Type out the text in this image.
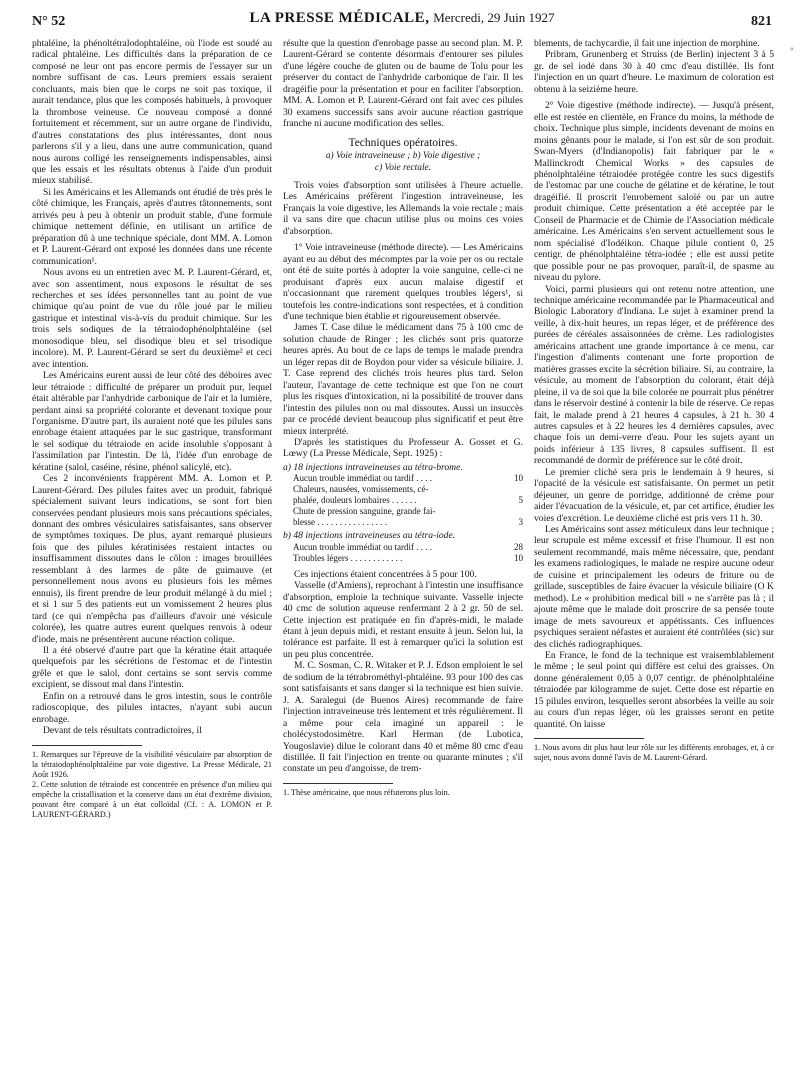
N° 52	LA PRESSE MÉDICALE, Mercredi, 29 Juin 1927	821
«

phtaléine, la phénoltétralodophtaléine, où l'iode est soudé au radical phtaléine. Les difficultés dans la préparation de ce composé ne leur ont pas encore permis de l'essayer sur un nombre suffisant de cas. Leurs premiers essais seraient concluants, mais bien que le corps ne soit pas toxique, il aurait tendance, plus que les composés habituels, à provoquer la thrombose veineuse. Ce nouveau composé a donné fortuitement et récemment, sur un autre organe de l'individu, d'autres constatations des plus intéressantes, dont nous parlerons s'il y a lieu, dans une autre communication, quand nous aurons colligé les renseignements indispensables, ainsi que les essais et les résultats obtenus à l'aide d'un produit mieux stabilisé.

Si les Américains et les Allemands ont étudié de très près le côté chimique, les Français, après d'autres tâtonnements, sont arrivés peu à peu à obtenir un produit stable, d'une formule chimique nettement définie, en utilisant un artifice de préparation dû à une technique spéciale, dont MM. A. Lomon et P. Laurent-Gérard ont exposé les données dans une récente communication¹.

Nous avons eu un entretien avec M. P. Laurent-Gérard, et, avec son assentiment, nous exposons le résultat de ses recherches et ses idées personnelles tant au point de vue chimique qu'au point de vue du rôle joué par le milieu gastrique et intestinal vis-à-vis du produit chimique. Sur les trois sels sodiques de la tétraiodophénolphtaléine (sel monosodique bleu, sel disodique bleu et sel trisodique incolore). M. P. Laurent-Gérard se sert du deuxième² et ceci avec intention.

Les Américains eurent aussi de leur côté des déboires avec leur tétraiode : difficulté de préparer un produit pur, lequel était altérable par l'anhydride carbonique de l'air et la lumière, perdant ainsi sa propriété colorante et devenant toxique pour l'organisme. D'autre part, ils auraient noté que les pilules sans enrobage étaient attaquées par le suc gastrique, transformant le sel sodique du tétraiode en acide insoluble s'opposant à l'assimilation par l'intestin. De là, l'idée d'un enrobage de kératine (salol, caséine, résine, phénol salicylé, etc).

Ces 2 inconvénients frappèrent MM. A. Lomon et P. Laurent-Gérard. Des pilules faites avec un produit, fabriqué spécialement suivant leurs indications, se sont fort bien conservées pendant plusieurs mois sans précautions spéciales, donnant des ombres vésiculaires satisfaisantes, sans observer de symptômes toxiques. De plus, ayant remarqué plusieurs fois que des pilules kératinisées restaient intactes ou insuffisamment dissoutes dans le côlon : images brouillées ressemblant à des larmes de pâte de guimauve (et personnellement nous avons eu plusieurs fois les mêmes ennuis), ils firent prendre de leur produit mélangé à du miel ; et si 1 sur 5 des patients eut un vomissement 2 heures plus tard (ce qui n'empêcha pas d'ailleurs d'avoir une vésicule colorée), les quatre autres eurent quelques renvois à odeur d'iode, mais ne présentèrent aucune réaction colique.

Il a été observé d'autre part que la kératine était attaquée quelquefois par les sécrétions de l'estomac et de l'intestin grêle et que le salol, dont certains se sont servis comme excipient, se dissout mal dans l'intestin.

Enfin on a retrouvé dans le gros intestin, sous le contrôle radioscopique, des pilules intactes, n'ayant subi aucun enrobage.

Devant de tels résultats contradictoires, il

1. Remarques sur l'épreuve de la visibilité vésiculaire par absorption de la tétraiodophénolphtaléine par voie digestive. La Presse Médicale, 21 Août 1926.

2. Cette solution de tétraiode est concentrée en présence d'un milieu qui empêche la cristallisation et la conserve dans un état d'extrême division, pouvant être comparé à un état colloïdal (Cf. : A. LOMON et P. LAURENT-GÉRARD.)

résulte que la question d'enrobage passe au second plan. M. P. Laurent-Gérard se contente désormais d'entourer ses pilules d'une légère couche de gluten ou de baume de Tolu pour les préserver du contact de l'anhydride carbonique de l'air. Il les dragéifie pour la présentation et pour en faciliter l'absorption. MM. A. Lomon et P. Laurent-Gérard ont fait avec ces pilules 30 examens successifs sans avoir aucune réaction gastrique franche ni aucune modification des selles.

Techniques opératoires.
a) Voie intraveineuse ; b) Voie digestive ;
c) Voie rectale.

Trois voies d'absorption sont utilisées à l'heure actuelle. Les Américains préfèrent l'ingestion intraveineuse, les Français la voie digestive, les Allemands la voie rectale ; mais il va sans dire que chacun utilise plus ou moins ces voies d'absorption.

1° Voie intraveineuse (méthode directe). — Les Américains ayant eu au début des mécomptes par la voie per os ou rectale ont été de suite portés à adopter la voie sanguine, celle-ci ne produisant d'après eux aucun malaise digestif et n'occasionnant que rarement quelques troubles légers¹, si toutefois les contre-indications sont respectées, et à condition d'une technique bien établie et rigoureusement observée.

James T. Case dilue le médicament dans 75 à 100 cmc de solution chaude de Ringer ; les clichés sont pris quatorze heures après. Au bout de ce laps de temps le malade prendra un léger repas dit de Boydon pour vider sa vésicule biliaire. J. T. Case reprend des clichés trois heures plus tard. Selon l'auteur, l'avantage de cette technique est que l'on ne court plus les risques d'intoxication, ni la possibilité de trouver dans l'intestin des pilules non ou mal dissoutes. Aussi un insuccès par ce procédé devient beaucoup plus significatif et peut être mieux interprété.

D'après les statistiques du Professeur A. Gosset et G. Lœwy (La Presse Médicale, Sept. 1925) :

a) 18 injections intraveineuses au tétra-brome.
Aucun trouble immédiat ou tardif . . . .	10
Chaleurs, nausées, vomissements, cé-
phalée, douleurs lombaires . . . . . .	5
Chute de pression sanguine, grande fai-
blesse . . . . . . . . . . . . . . . .	3
b) 48 injections intraveineuses au tétra-iode.
Aucun trouble immédiat ou tardif . . . .	28
Troubles légers . . . . . . . . . . . .	10

Ces injections étaient concentrées à 5 pour 100.

Vasselle (d'Amiens), reprochant à l'intestin une insuffisance d'absorption, emploie la technique suivante. Vasselle injecte 40 cmc de solution aqueuse renfermant 2 à 2 gr. 50 de sel. Cette injection est pratiquée en fin d'après-midi, le malade étant à jeun depuis midi, et restant ensuite à jeun. Selon lui, la tolérance est parfaite. Il est à remarquer qu'ici la solution est un peu plus concentrée.

M. C. Sosman, C. R. Witaker et P. J. Edson emploient le sel de sodium de la tétrabrométhyl-phtaléine. 93 pour 100 des cas sont satisfaisants et sans danger si la technique est bien suivie. J. A. Saralegui (de Buenos Aires) recommande de faire l'injection intraveineuse très lentement et très régulièrement. Il a même pour cela imaginé un appareil : le cholécystodosimètre. Karl Herman (de Lubotica, Yougoslavie) dilue le colorant dans 40 et même 80 cmc d'eau distillée. Il fait l'injection en trente ou quarante minutes ; s'il constate un peu d'angoisse, de trem-

1. Thèse américaine, que nous réfuterons plus loin.

blements, de tachycardie, il fait une injection de morphine.

Pribram, Grunenberg et Struiss (de Berlin) injectent 3 à 5 gr. de sel iodé dans 30 à 40 cmc d'eau distillée. Ils font l'injection en un quart d'heure. Le maximum de coloration est obtenu à la seizième heure.

2° Voie digestive (méthode indirecte). — Jusqu'à présent, elle est restée en clientèle, en France du moins, la méthode de choix. Technique plus simple, incidents devenant de moins en moins gênants pour le malade, si l'on est sûr de son produit. Swan-Myers (d'Indianopolis) fait fabriquer par le « Mallinckrodt Chemical Works » des capsules de phénolphtaléine tétraiodée protégée contre les sucs digestifs de l'estomac par une couche de gélatine et de kératine, le tout dragéifié. Il proscrit l'enrobement saloïé ou par un autre produit chimique. Cette présentation a été acceptée par le Conseil de Pharmacie et de Chimie de l'Association médicale américaine. Les Américains s'en servent actuellement sous le nom spécialisé d'Iodéikon. Chaque pilule contient 0, 25 centigr. de phénolphtaléine tétra-iodée ; elle est aussi petite que possible pour ne pas provoquer, paraît-il, de spasme au niveau du pylore.

Voici, parmi plusieurs qui ont retenu notre attention, une technique américaine recommandée par le Pharmaceutical and Biologic Laboratory d'Indiana. Le sujet à examiner prend la veille, à dix-huit heures, un repas léger, et de préférence des purées de céréales assaisonnées de crème. Les radiologistes américains attachent une grande importance à ce menu, car l'ingestion d'aliments contenant une forte proportion de matières grasses excite la sécrétion biliaire. Si, au contraire, la vésicule, au moment de l'absorption du colorant, était déjà pleine, il va de soi que la bile colorée ne pourrait plus pénétrer dans le réservoir destiné à contenir la bile de réserve. Ce repas fait, le malade prend à 21 heures 4 capsules, à 21 h. 30 4 autres capsules et à 22 heures les 4 dernières capsules, avec chaque fois un demi-verre d'eau. Pour les sujets ayant un poids inférieur à 135 livres, 8 capsules suffisent. Il est recommandé de dormir de préférence sur le côté droit.

Le premier cliché sera pris le lendemain à 9 heures, si l'opacité de la vésicule est satisfaisante. On permet un petit déjeuner, un genre de porridge, additionné de crème pour aider l'évacuation de la vésicule, et, par cet artifice, étudier les voies d'excrétion. Le deuxième cliché est pris vers 11 h. 30.

Les Américains sont assez méticuleux dans leur technique ; leur scrupule est même excessif et frise l'humour. Il est non seulement recommandé, mais même nécessaire, que, pendant les examens radiologiques, le malade ne respire aucune odeur de cuisine et principalement les odeurs de friture ou de grillade, susceptibles de faire évacuer la vésicule biliaire (O K method). Le « prohibition medical bill » ne s'arrête pas là ; il ajoute même que le malade doit proscrire de sa pensée toute image de mets savoureux et appétissants. Ces influences psychiques seraient néfastes et auraient été contrôlées (sic) sur des clichés radiographiques.

En France, le fond de la technique est vraisemblablement le même ; le seul point qui diffère est celui des graisses. On donne généralement 0,05 à 0,07 centigr. de phénolphtaléine tétraiodée par kilogramme de sujet. Cette dose est répartie en 15 pilules environ, lesquelles seront absorbées la veille au soir au cours d'un repas léger, où les graisses seront en petite quantité. On laisse

1. Nous avons dit plus haut leur rôle sur les différents enrobages, et, à ce sujet, nous avons donné l'avis de M. Laurent-Gérard.
